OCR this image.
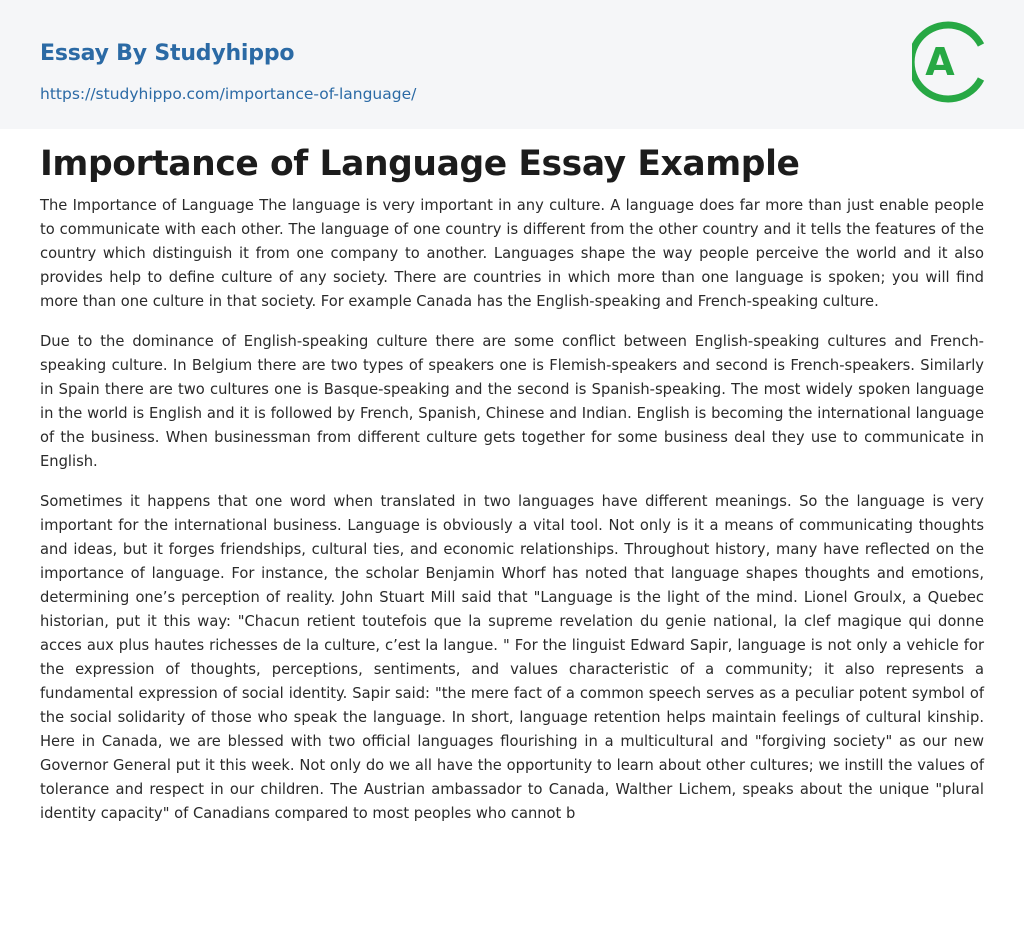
Essay By Studyhippo
https://studyhippo.com/importance-of-language/
A
Importance of Language Essay Example

The Importance of Language The language is very important in any culture. A language does far more than just enable people to communicate with each other. The language of one country is different from the other country and it tells the features of the country which distinguish it from one company to another. Languages shape the way people perceive the world and it also provides help to define culture of any society. There are countries in which more than one language is spoken; you will find more than one culture in that society. For example Canada has the English-speaking and French-speaking culture.

Due to the dominance of English-speaking culture there are some conflict between English-speaking cultures and French-speaking culture. In Belgium there are two types of speakers one is Flemish-speakers and second is French-speakers. Similarly in Spain there are two cultures one is Basque-speaking and the second is Spanish-speaking. The most widely spoken language in the world is English and it is followed by French, Spanish, Chinese and Indian. English is becoming the international language of the business. When businessman from different culture gets together for some business deal they use to communicate in English.

Sometimes it happens that one word when translated in two languages have different meanings. So the language is very important for the international business. Language is obviously a vital tool. Not only is it a means of communicating thoughts and ideas, but it forges friendships, cultural ties, and economic relationships. Throughout history, many have reflected on the importance of language. For instance, the scholar Benjamin Whorf has noted that language shapes thoughts and emotions, determining one’s perception of reality. John Stuart Mill said that "Language is the light of the mind. Lionel Groulx, a Quebec historian, put it this way: "Chacun retient toutefois que la supreme revelation du genie national, la clef magique qui donne acces aux plus hautes richesses de la culture, c’est la langue. " For the linguist Edward Sapir, language is not only a vehicle for the expression of thoughts, perceptions, sentiments, and values characteristic of a community; it also represents a fundamental expression of social identity. Sapir said: "the mere fact of a common speech serves as a peculiar potent symbol of the social solidarity of those who speak the language. In short, language retention helps maintain feelings of cultural kinship. Here in Canada, we are blessed with two official languages flourishing in a multicultural and "forgiving society" as our new Governor General put it this week. Not only do we all have the opportunity to learn about other cultures; we instill the values of tolerance and respect in our children. The Austrian ambassador to Canada, Walther Lichem, speaks about the unique "plural identity capacity" of Canadians compared to most peoples who cannot b
